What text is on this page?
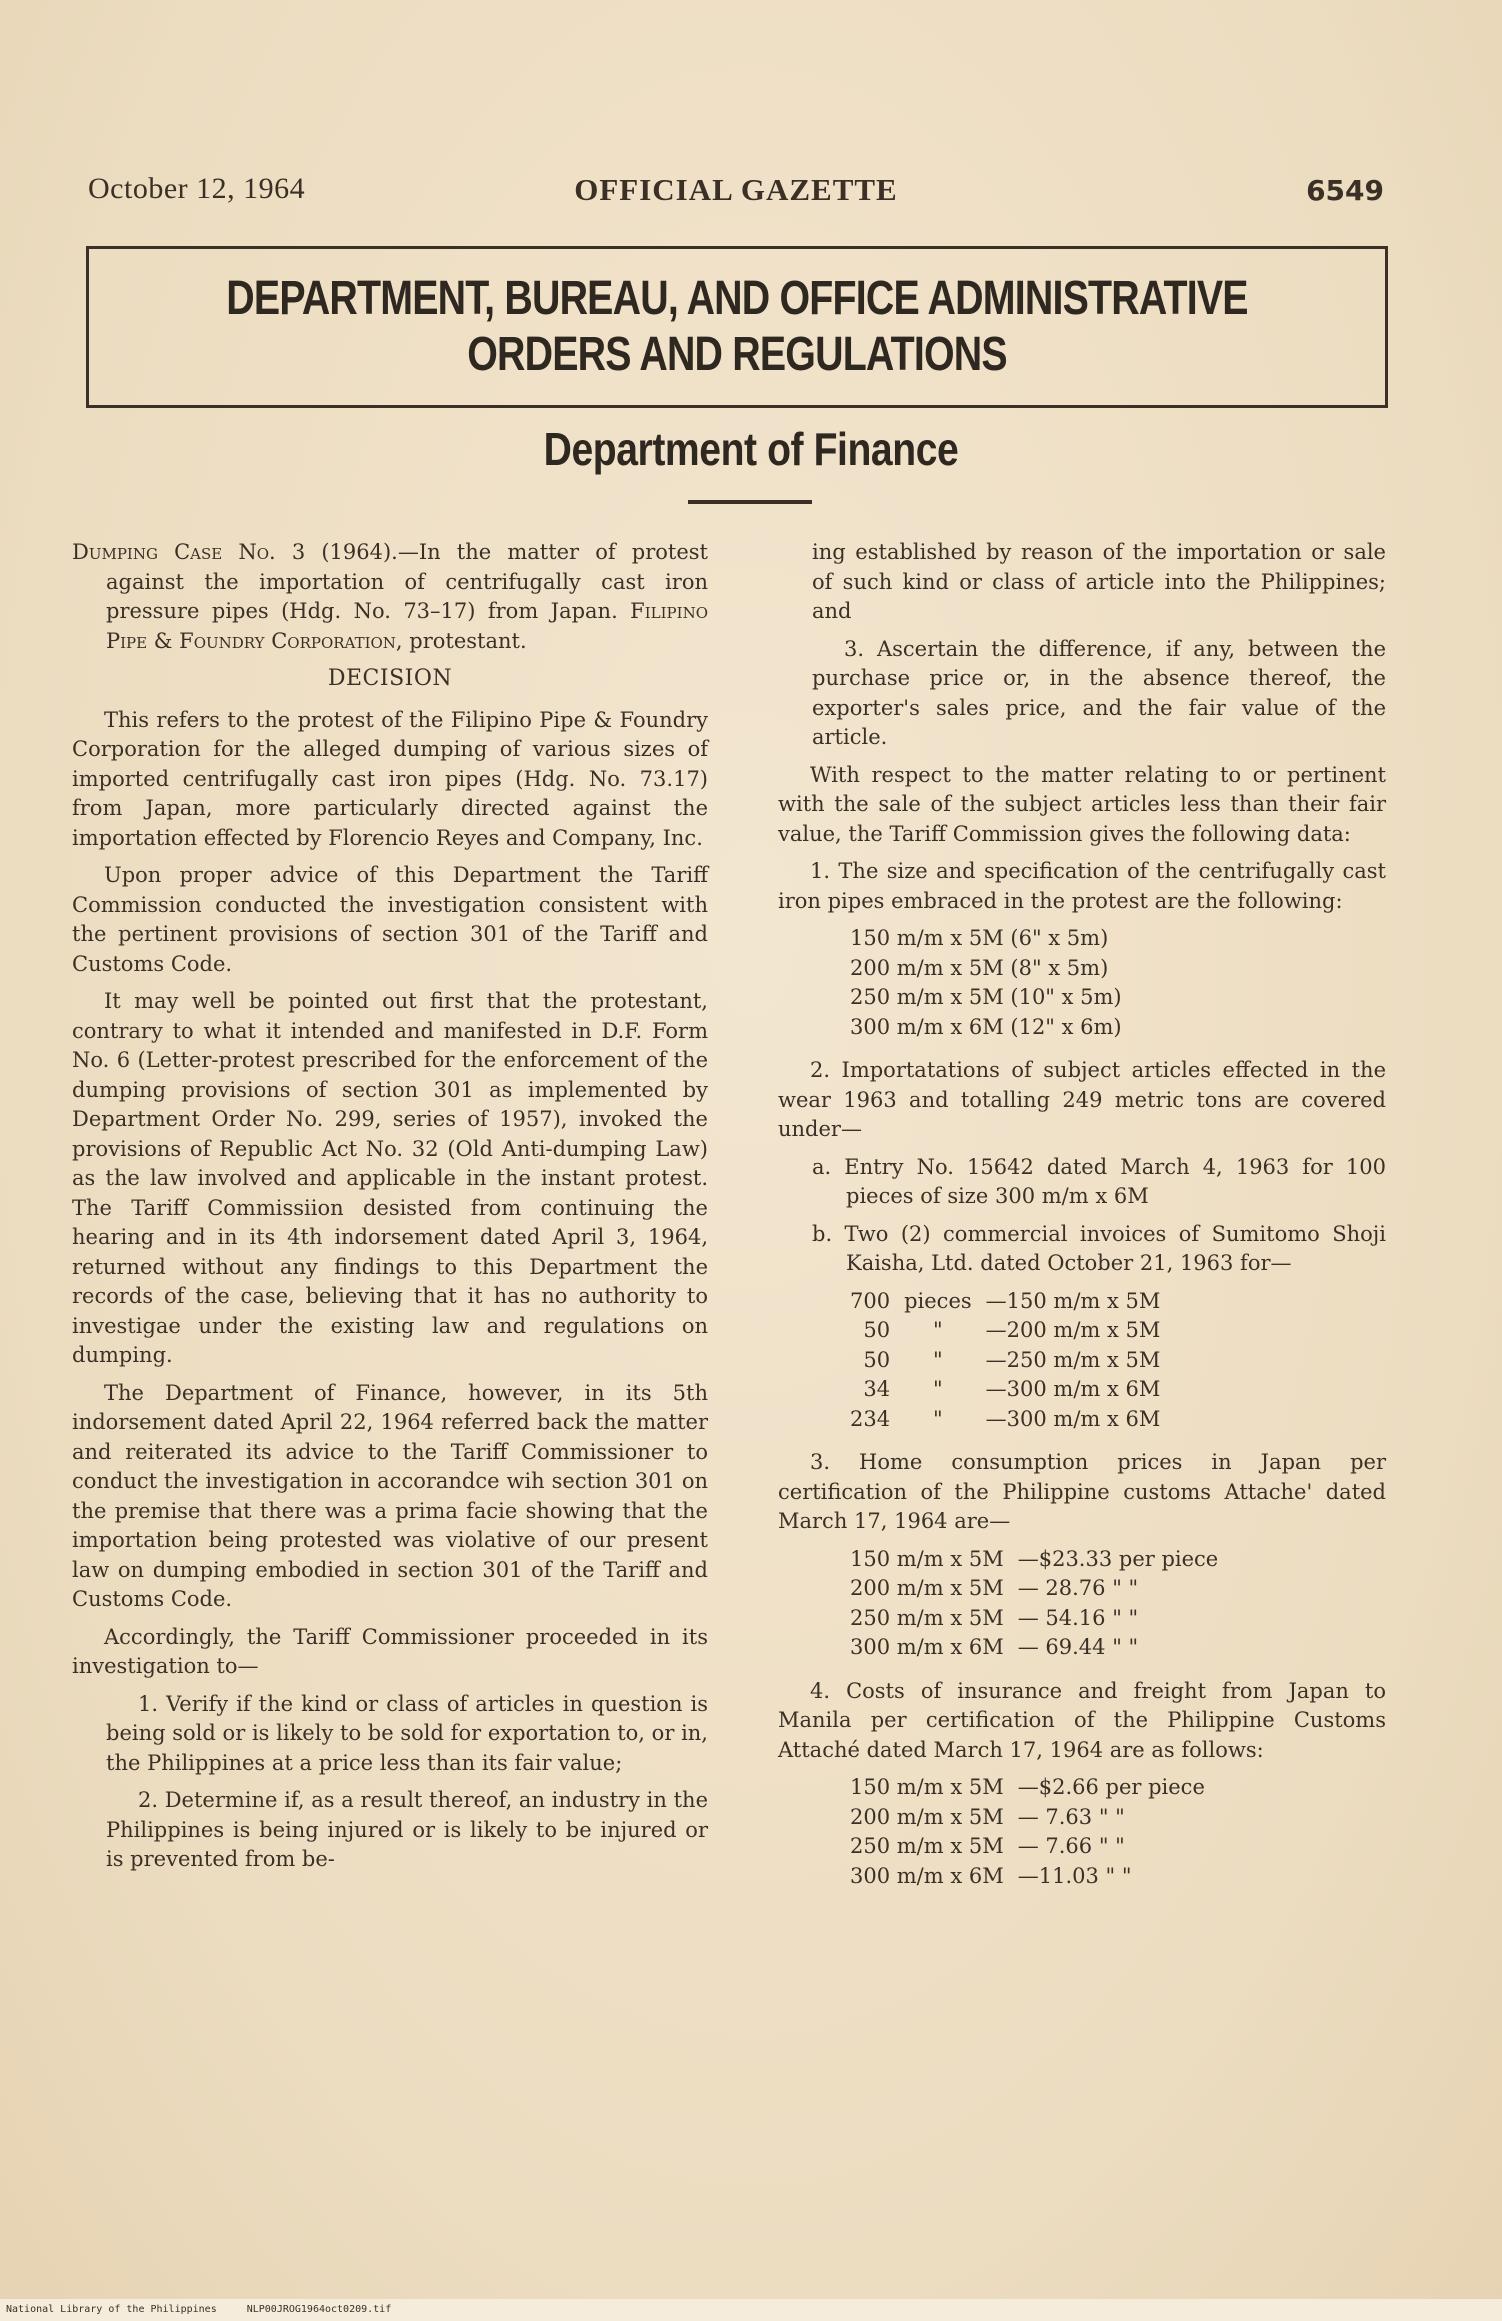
October 12, 1964	OFFICIAL GAZETTE	6549
DEPARTMENT, BUREAU, AND OFFICE ADMINISTRATIVE
ORDERS AND REGULATIONS
Department of Finance

Dumping Case No. 3 (1964).—In the matter of protest against the importation of centrifugally cast iron pressure pipes (Hdg. No. 73–17) from Japan. Filipino Pipe & Foundry Corporation, protestant.

DECISION

This refers to the protest of the Filipino Pipe & Foundry Corporation for the alleged dumping of various sizes of imported centrifugally cast iron pipes (Hdg. No. 73.17) from Japan, more particularly directed against the importation effected by Florencio Reyes and Company, Inc.

Upon proper advice of this Department the Tariff Commission conducted the investigation consistent with the pertinent provisions of section 301 of the Tariff and Customs Code.

It may well be pointed out first that the protestant, contrary to what it intended and manifested in D.F. Form No. 6 (Letter-protest prescribed for the enforcement of the dumping provisions of section 301 as implemented by Department Order No. 299, series of 1957), invoked the provisions of Republic Act No. 32 (Old Anti-dumping Law) as the law involved and applicable in the instant protest. The Tariff Commissiion desisted from continuing the hearing and in its 4th indorsement dated April 3, 1964, returned without any findings to this Department the records of the case, believing that it has no authority to investigae under the existing law and regulations on dumping.

The Department of Finance, however, in its 5th indorsement dated April 22, 1964 referred back the matter and reiterated its advice to the Tariff Commissioner to conduct the investigation in accorandce wih section 301 on the premise that there was a prima facie showing that the importation being protested was violative of our present law on dumping embodied in section 301 of the Tariff and Customs Code.

Accordingly, the Tariff Commissioner proceeded in its investigation to—

1. Verify if the kind or class of articles in question is being sold or is likely to be sold for exportation to, or in, the Philippines at a price less than its fair value;

2. Determine if, as a result thereof, an industry in the Philippines is being injured or is likely to be injured or is prevented from be-

ing established by reason of the importation or sale of such kind or class of article into the Philippines; and

3. Ascertain the difference, if any, between the purchase price or, in the absence thereof, the exporter's sales price, and the fair value of the article.

With respect to the matter relating to or pertinent with the sale of the subject articles less than their fair value, the Tariff Commission gives the following data:

1. The size and specification of the centrifugally cast iron pipes embraced in the protest are the following:

150 m/m x 5M (6" x 5m)
200 m/m x 5M (8" x 5m)
250 m/m x 5M (10" x 5m)
300 m/m x 6M (12" x 6m)

2. Importatations of subject articles effected in the wear 1963 and totalling 249 metric tons are covered under—

a. Entry No. 15642 dated March 4, 1963 for 100 pieces of size 300 m/m x 6M

b. Two (2) commercial invoices of Sumitomo Shoji Kaisha, Ltd. dated October 21, 1963 for—

700	pieces	—150 m/m x 5M
50	"	—200 m/m x 5M
50	"	—250 m/m x 5M
34	"	—300 m/m x 6M
234	"	—300 m/m x 6M

3. Home consumption prices in Japan per certification of the Philippine customs Attache' dated March 17, 1964 are—

150 m/m x 5M	—$23.33 per piece
200 m/m x 5M	— 28.76 " "
250 m/m x 5M	— 54.16 " "
300 m/m x 6M	— 69.44 " "

4. Costs of insurance and freight from Japan to Manila per certification of the Philippine Customs Attaché dated March 17, 1964 are as follows:

150 m/m x 5M	—$2.66 per piece
200 m/m x 5M	— 7.63 " "
250 m/m x 5M	— 7.66 " "
300 m/m x 6M	—11.03 " "
National Library of the Philippines	NLP00JROG1964oct0209.tif
